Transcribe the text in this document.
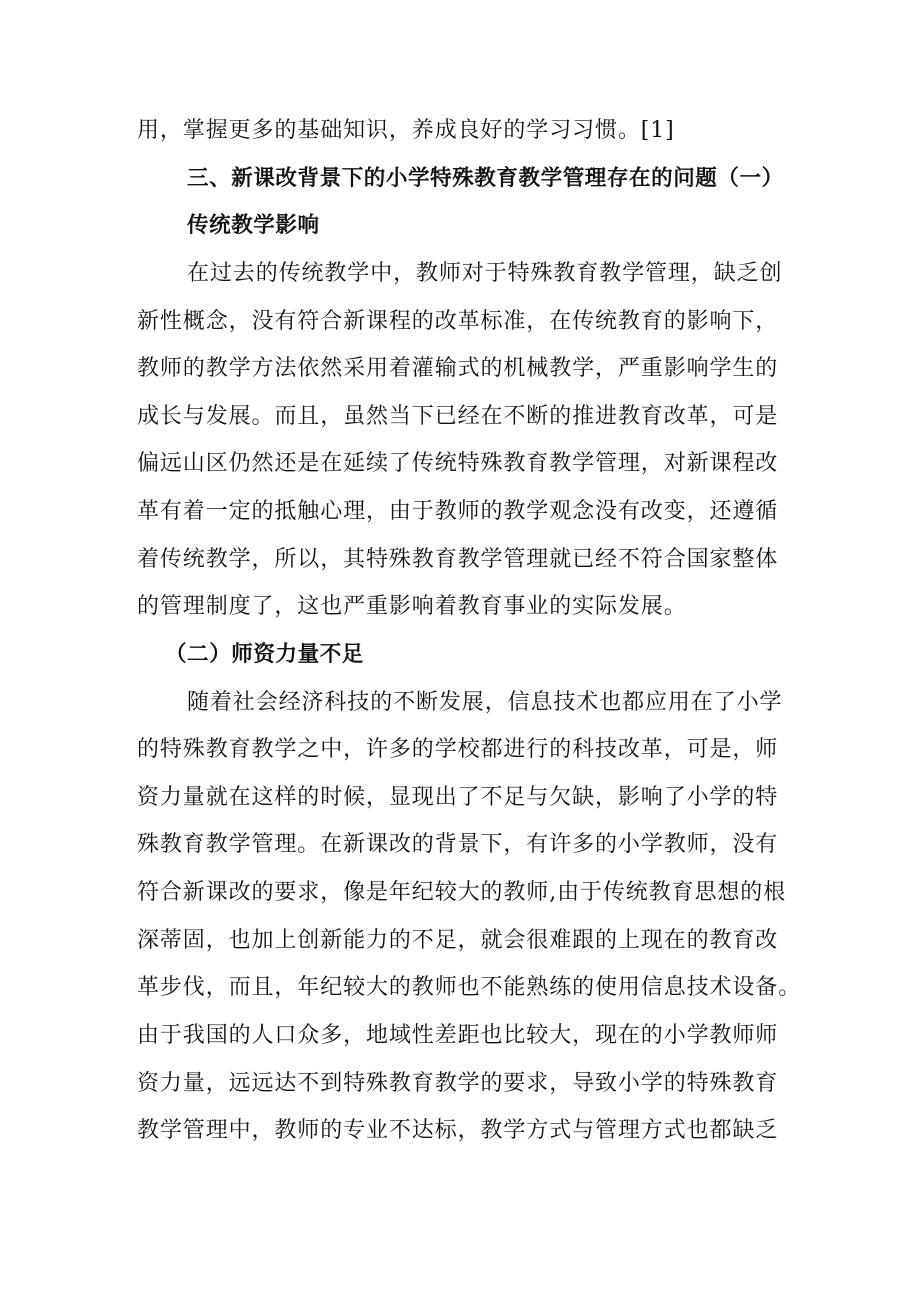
用，掌握更多的基础知识，养成良好的学习习惯。[1]
三、新课改背景下的小学特殊教育教学管理存在的问题（一）
传统教学影响
在过去的传统教学中，教师对于特殊教育教学管理，缺乏创
新性概念，没有符合新课程的改革标准，在传统教育的影响下，
教师的教学方法依然采用着灌输式的机械教学，严重影响学生的
成长与发展。而且，虽然当下已经在不断的推进教育改革，可是
偏远山区仍然还是在延续了传统特殊教育教学管理，对新课程改
革有着一定的抵触心理，由于教师的教学观念没有改变，还遵循
着传统教学，所以，其特殊教育教学管理就已经不符合国家整体
的管理制度了，这也严重影响着教育事业的实际发展。
（二）师资力量不足
随着社会经济科技的不断发展，信息技术也都应用在了小学
的特殊教育教学之中，许多的学校都进行的科技改革，可是，师
资力量就在这样的时候，显现出了不足与欠缺，影响了小学的特
殊教育教学管理。在新课改的背景下，有许多的小学教师，没有
符合新课改的要求，像是年纪较大的教师,由于传统教育思想的根
深蒂固，也加上创新能力的不足，就会很难跟的上现在的教育改
革步伐，而且，年纪较大的教师也不能熟练的使用信息技术设备。
由于我国的人口众多，地域性差距也比较大，现在的小学教师师
资力量，远远达不到特殊教育教学的要求，导致小学的特殊教育
教学管理中，教师的专业不达标，教学方式与管理方式也都缺乏
